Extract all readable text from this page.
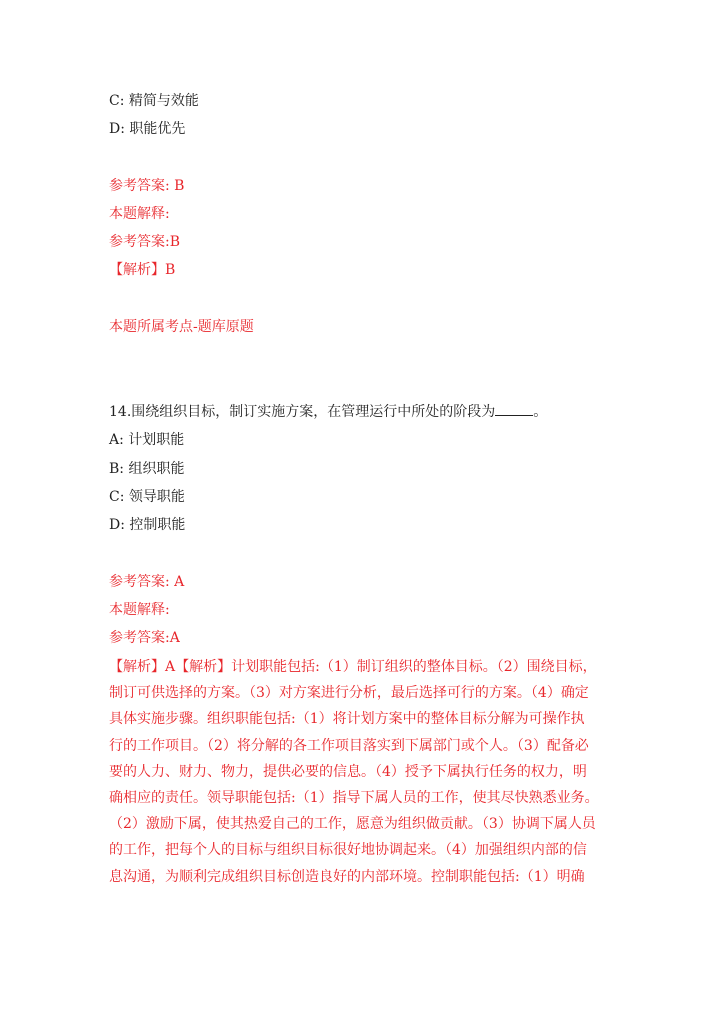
C: 精简与效能
D: 职能优先
参考答案: B
本题解释:
参考答案:B
【解析】B
本题所属考点-题库原题
14.围绕组织目标，制订实施方案，在管理运行中所处的阶段为	。
A: 计划职能
B: 组织职能
C: 领导职能
D: 控制职能
参考答案: A
本题解释:
参考答案:A
【解析】A【解析】计划职能包括:（1）制订组织的整体目标。（2）围绕目标，
制订可供选择的方案。（3）对方案进行分析，最后选择可行的方案。（4）确定
具体实施步骤。组织职能包括:（1）将计划方案中的整体目标分解为可操作执
行的工作项目。（2）将分解的各工作项目落实到下属部门或个人。（3）配备必
要的人力、财力、物力，提供必要的信息。（4）授予下属执行任务的权力，明
确相应的责任。领导职能包括:（1）指导下属人员的工作，使其尽快熟悉业务。
（2）激励下属，使其热爱自己的工作，愿意为组织做贡献。（3）协调下属人员
的工作，把每个人的目标与组织目标很好地协调起来。（4）加强组织内部的信
息沟通，为顺利完成组织目标创造良好的内部环境。控制职能包括:（1）明确
